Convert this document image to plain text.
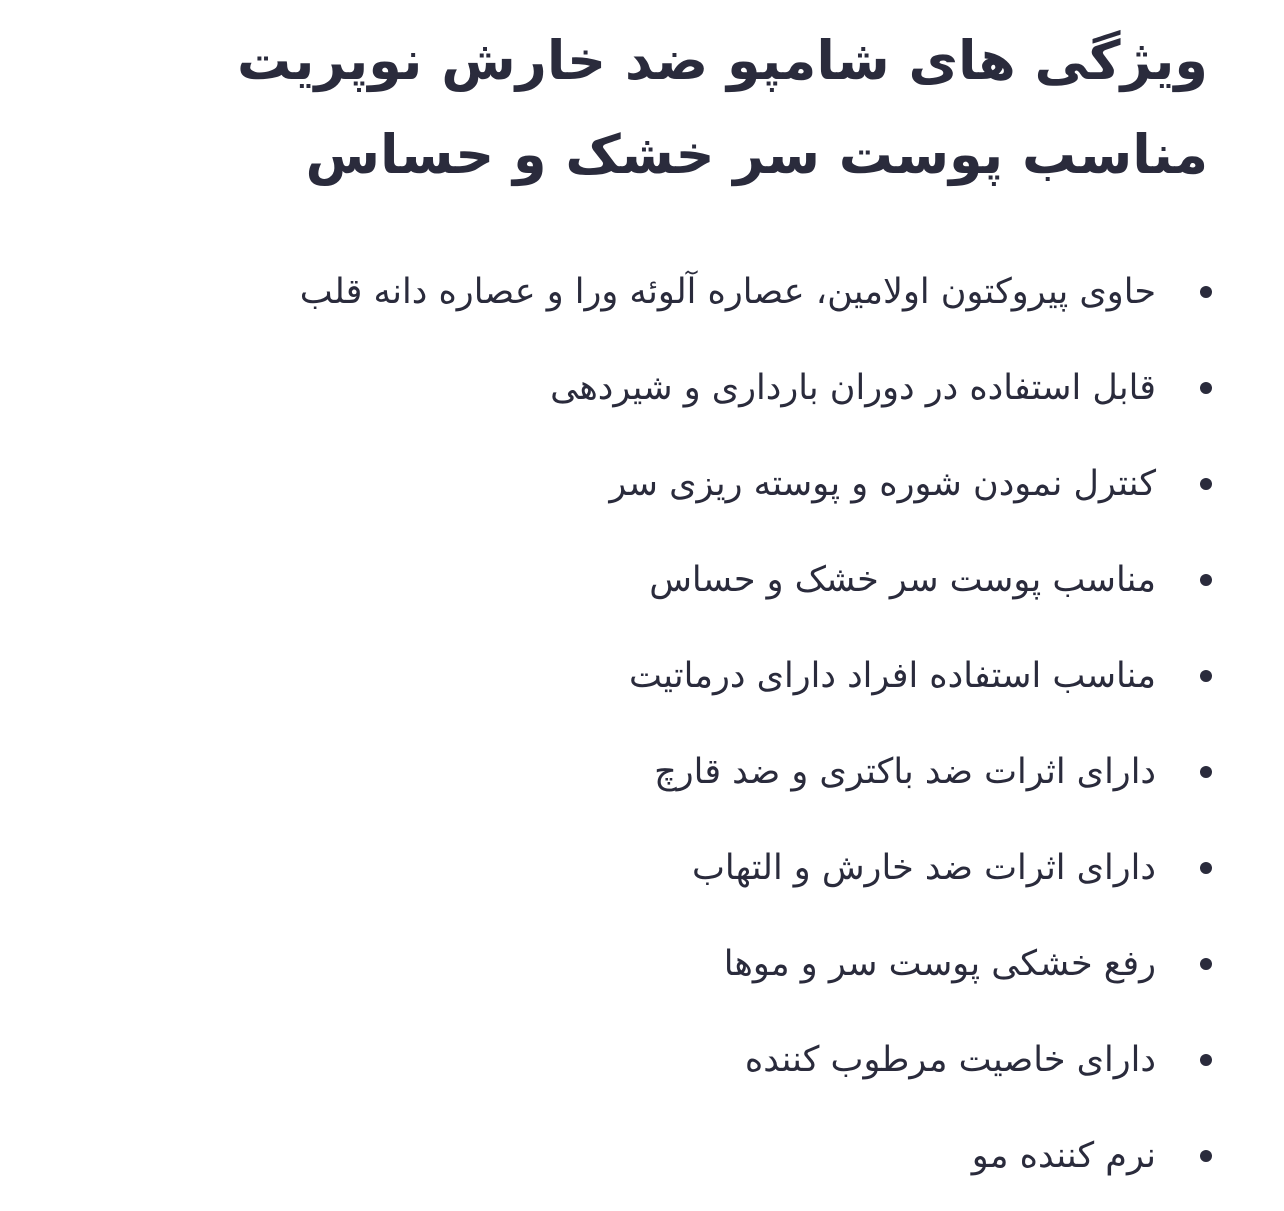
ویژگی های شامپو ضد خارش نوپریت مناسب پوست سر خشک و حساس
حاوی پیروکتون اولامین، عصاره آلوئه ورا و عصاره دانه قلب
قابل استفاده در دوران بارداری و شیردهی
کنترل نمودن شوره و پوسته ریزی سر
مناسب پوست سر خشک و حساس
مناسب استفاده افراد دارای درماتیت
دارای اثرات ضد باکتری و ضد قارچ
دارای اثرات ضد خارش و التهاب
رفع خشکی پوست سر و موها
دارای خاصیت مرطوب کننده
نرم کننده مو
